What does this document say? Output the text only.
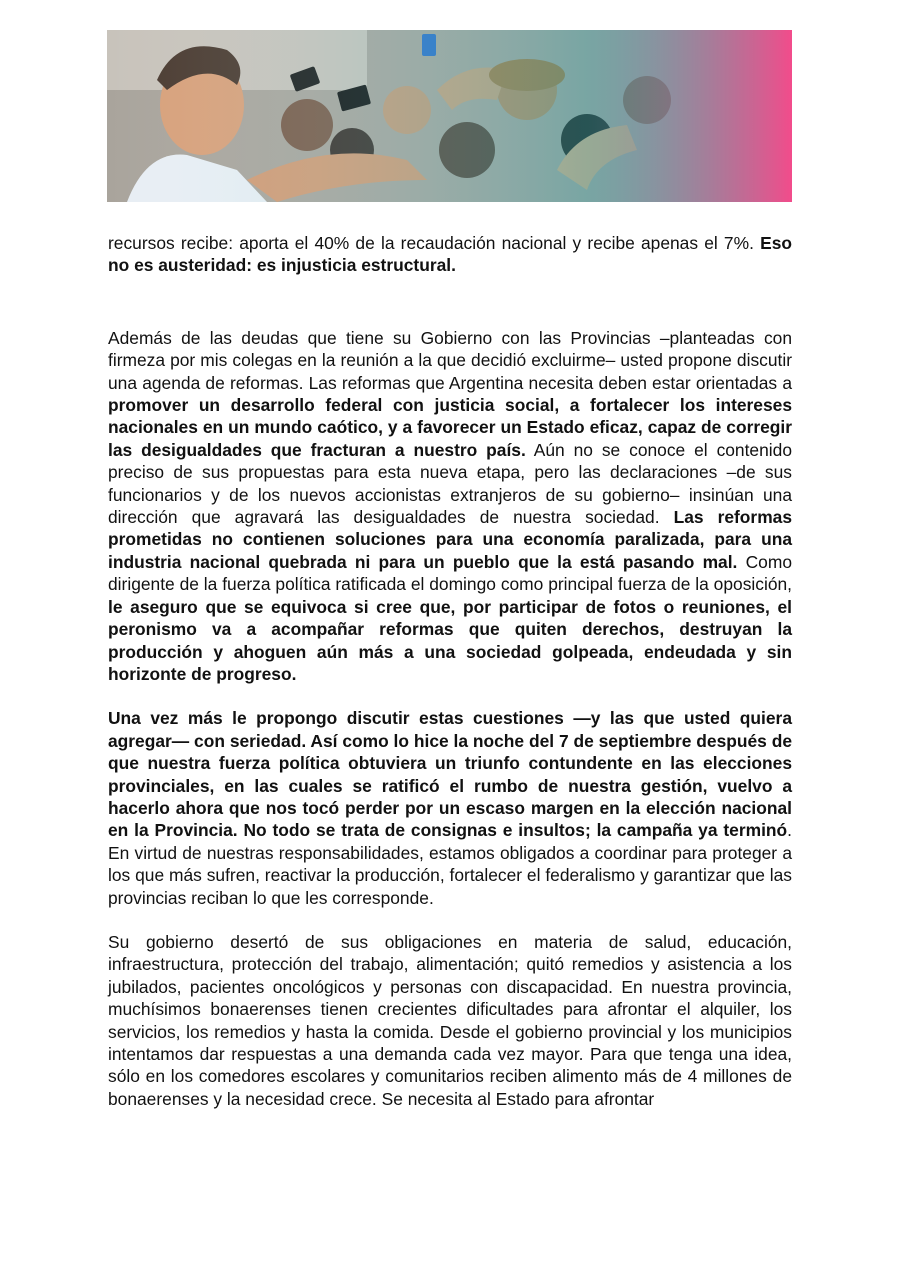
recursos recibe: aporta el 40% de la recaudación nacional y recibe apenas el 7%. Eso no es austeridad: es injusticia estructural.

Además de las deudas que tiene su Gobierno con las Provincias –planteadas con firmeza por mis colegas en la reunión a la que decidió excluirme– usted propone discutir una agenda de reformas. Las reformas que Argentina necesita deben estar orientadas a promover un desarrollo federal con justicia social, a fortalecer los intereses nacionales en un mundo caótico, y a favorecer un Estado eficaz, capaz de corregir las desigualdades que fracturan a nuestro país. Aún no se conoce el contenido preciso de sus propuestas para esta nueva etapa, pero las declaraciones –de sus funcionarios y de los nuevos accionistas extranjeros de su gobierno– insinúan una dirección que agravará las desigualdades de nuestra sociedad. Las reformas prometidas no contienen soluciones para una economía paralizada, para una industria nacional quebrada ni para un pueblo que la está pasando mal. Como dirigente de la fuerza política ratificada el domingo como principal fuerza de la oposición, le aseguro que se equivoca si cree que, por participar de fotos o reuniones, el peronismo va a acompañar reformas que quiten derechos, destruyan la producción y ahoguen aún más a una sociedad golpeada, endeudada y sin horizonte de progreso.

Una vez más le propongo discutir estas cuestiones —y las que usted quiera agregar— con seriedad. Así como lo hice la noche del 7 de septiembre después de que nuestra fuerza política obtuviera un triunfo contundente en las elecciones provinciales, en las cuales se ratificó el rumbo de nuestra gestión, vuelvo a hacerlo ahora que nos tocó perder por un escaso margen en la elección nacional en la Provincia. No todo se trata de consignas e insultos; la campaña ya terminó. En virtud de nuestras responsabilidades, estamos obligados a coordinar para proteger a los que más sufren, reactivar la producción, fortalecer el federalismo y garantizar que las provincias reciban lo que les corresponde.

Su gobierno desertó de sus obligaciones en materia de salud, educación, infraestructura, protección del trabajo, alimentación; quitó remedios y asistencia a los jubilados, pacientes oncológicos y personas con discapacidad. En nuestra provincia, muchísimos bonaerenses tienen crecientes dificultades para afrontar el alquiler, los servicios, los remedios y hasta la comida. Desde el gobierno provincial y los municipios intentamos dar respuestas a una demanda cada vez mayor. Para que tenga una idea, sólo en los comedores escolares y comunitarios reciben alimento más de 4 millones de bonaerenses y la necesidad crece. Se necesita al Estado para afrontar
